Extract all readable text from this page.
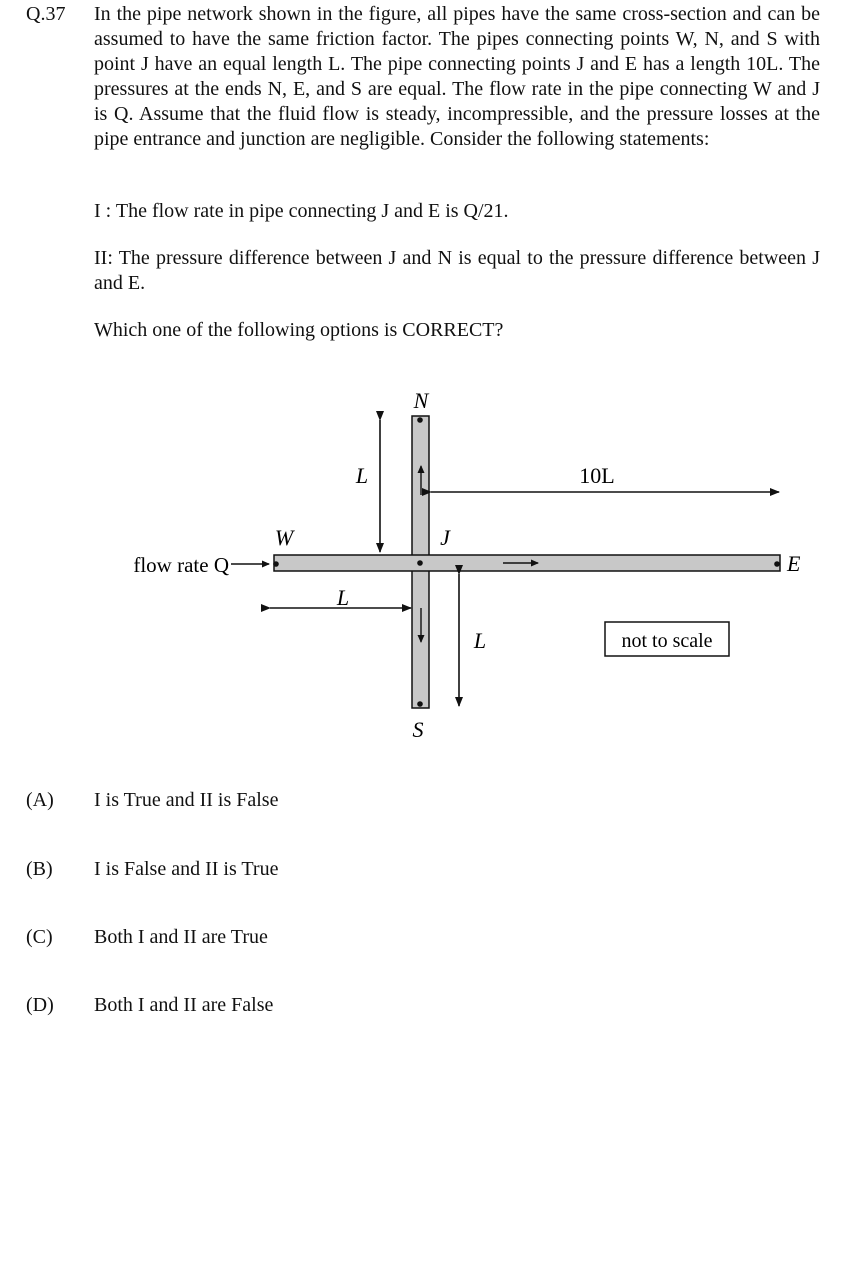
Q.37 In the pipe network shown in the figure, all pipes have the same cross-section and can be assumed to have the same friction factor. The pipes connecting points W, N, and S with point J have an equal length L. The pipe connecting points J and E has a length 10L. The pressures at the ends N, E, and S are equal. The flow rate in the pipe connecting W and J is Q. Assume that the fluid flow is steady, incompressible, and the pressure losses at the pipe entrance and junction are negligible. Consider the following statements:

I : The flow rate in pipe connecting J and E is Q/21.

II: The pressure difference between J and N is equal to the pressure difference between J and E.

Which one of the following options is CORRECT?

N
W	J
E
S
L	10L
L
L
flow rate Q
not to scale
(A) I is True and II is False
(B) I is False and II is True
(C) Both I and II are True
(D) Both I and II are False
